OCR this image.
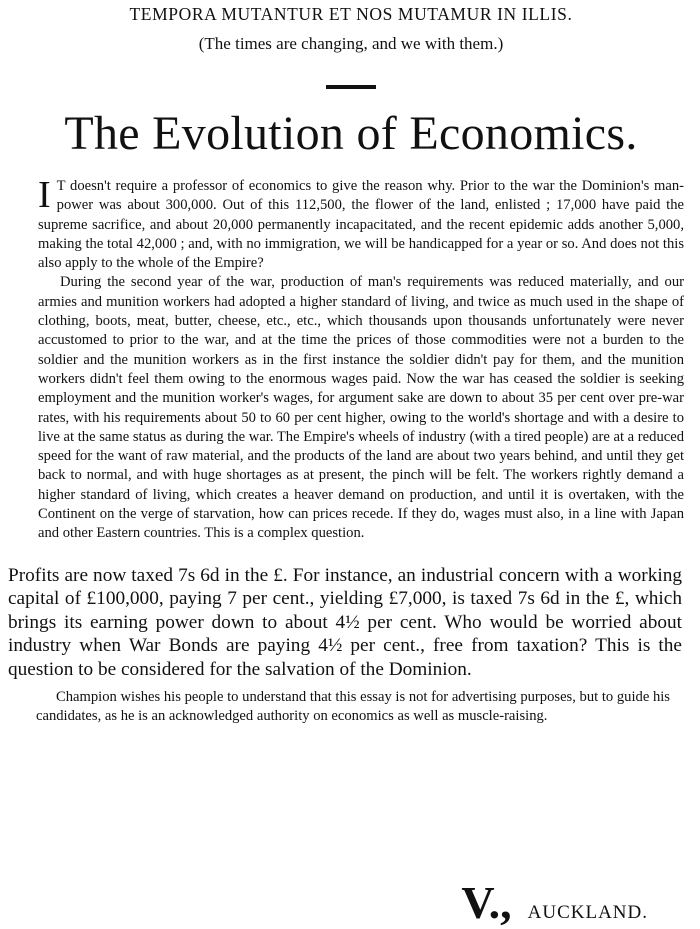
TEMPORA MUTANTUR ET NOS MUTAMUR IN ILLIS.
(The times are changing, and we with them.)
The Evolution of Economics.

I T doesn't require a professor of economics to give the reason why. Prior to the war the Dominion's man-power was about 300,000. Out of this 112,500, the flower of the land, enlisted ; 17,000 have paid the supreme sacrifice, and about 20,000 permanently incapacitated, and the recent epidemic adds another 5,000, making the total 42,000 ; and, with no immigration, we will be handicapped for a year or so. And does not this also apply to the whole of the Empire?

During the second year of the war, production of man's requirements was reduced materially, and our armies and munition workers had adopted a higher standard of living, and twice as much used in the shape of clothing, boots, meat, butter, cheese, etc., etc., which thousands upon thousands unfortunately were never accustomed to prior to the war, and at the time the prices of those commodities were not a burden to the soldier and the munition workers as in the first instance the soldier didn't pay for them, and the munition workers didn't feel them owing to the enormous wages paid. Now the war has ceased the soldier is seeking employment and the munition worker's wages, for argument sake are down to about 35 per cent over pre-war rates, with his requirements about 50 to 60 per cent higher, owing to the world's shortage and with a desire to live at the same status as during the war. The Empire's wheels of industry (with a tired people) are at a reduced speed for the want of raw material, and the products of the land are about two years behind, and until they get back to normal, and with huge shortages as at present, the pinch will be felt. The workers rightly demand a higher standard of living, which creates a heaver demand on production, and until it is overtaken, with the Continent on the verge of starvation, how can prices recede. If they do, wages must also, in a line with Japan and other Eastern countries. This is a complex question.

Profits are now taxed 7s 6d in the £. For instance, an industrial concern with a working capital of £100,000, paying 7 per cent., yielding £7,000, is taxed 7s 6d in the £, which brings its earning power down to about 4½ per cent. Who would be worried about industry when War Bonds are paying 4½ per cent., free from taxation? This is the question to be considered for the salvation of the Dominion.
Champion wishes his people to understand that this essay is not for advertising purposes, but to guide his candidates, as he is an acknowledged authority on economics as well as muscle-raising.
V., AUCKLAND.
